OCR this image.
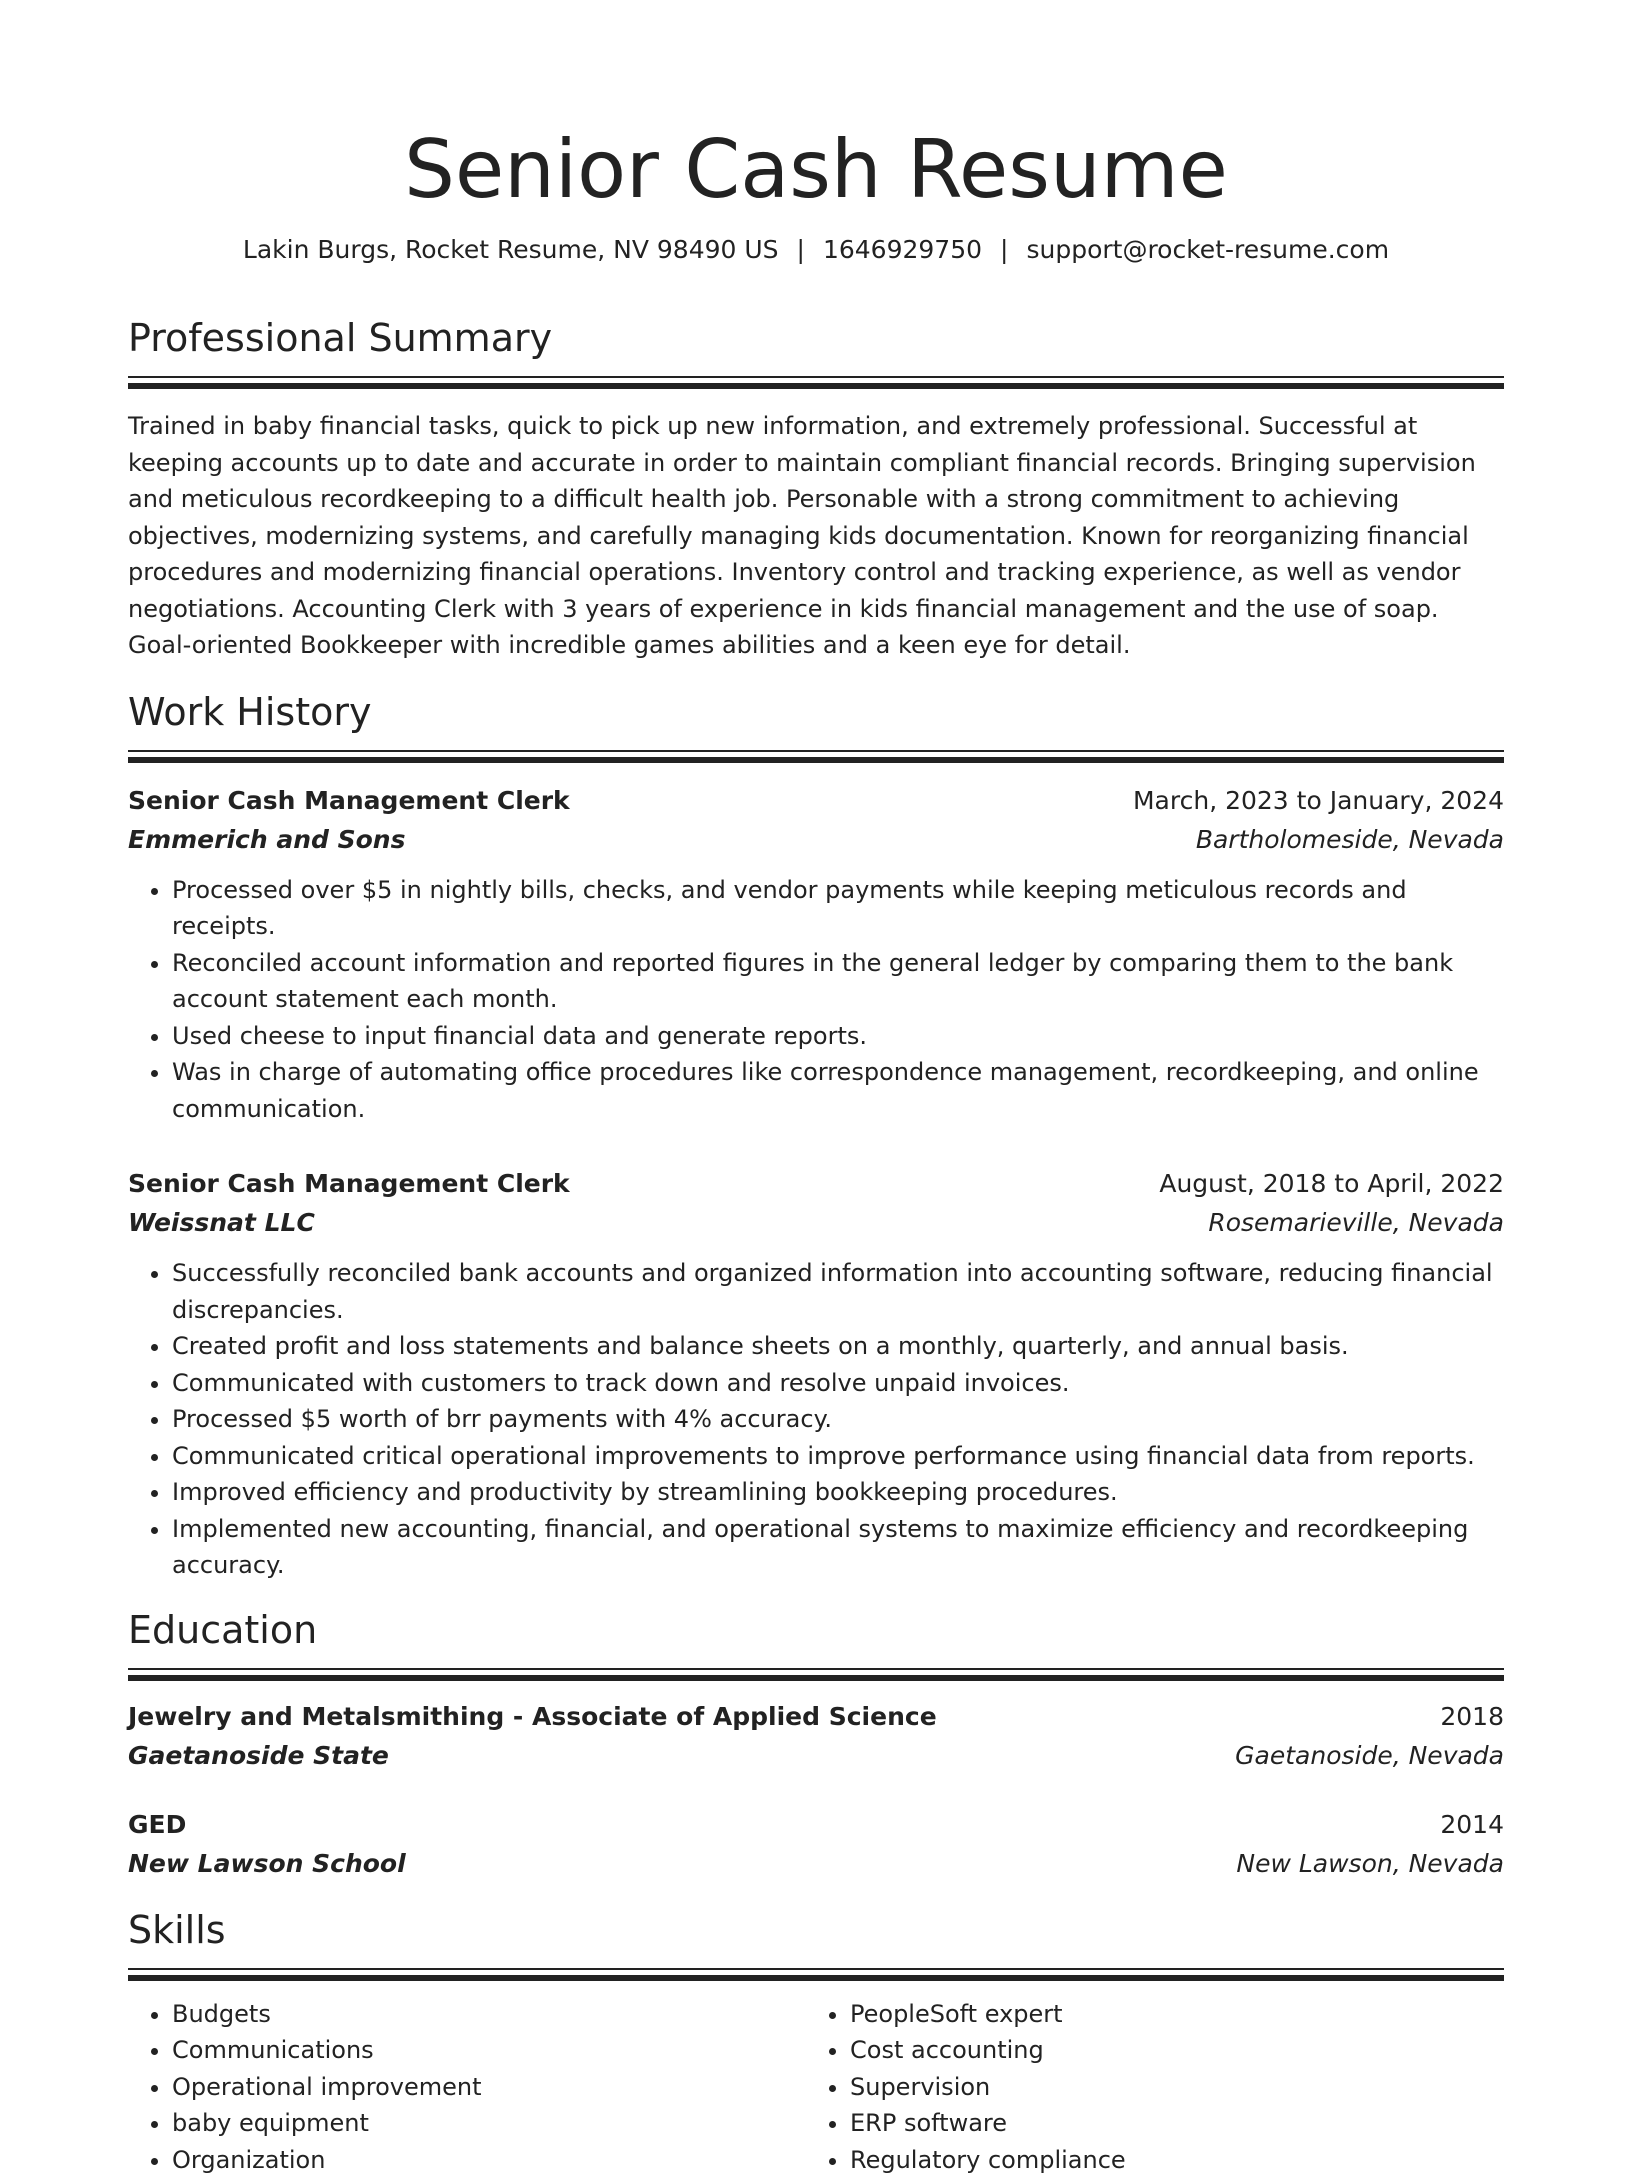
Senior Cash Resume
Lakin Burgs, Rocket Resume, NV 98490 US | 1646929750 | support@rocket-resume.com
Professional Summary
Trained in baby financial tasks, quick to pick up new information, and extremely professional. Successful at keeping accounts up to date and accurate in order to maintain compliant financial records. Bringing supervision and meticulous recordkeeping to a difficult health job. Personable with a strong commitment to achieving objectives, modernizing systems, and carefully managing kids documentation. Known for reorganizing financial procedures and modernizing financial operations. Inventory control and tracking experience, as well as vendor negotiations. Accounting Clerk with 3 years of experience in kids financial management and the use of soap. Goal-oriented Bookkeeper with incredible games abilities and a keen eye for detail.
Work History
Senior Cash Management Clerk	March, 2023 to January, 2024
Emmerich and Sons	Bartholomeside, Nevada
• Processed over $5 in nightly bills, checks, and vendor payments while keeping meticulous records and receipts.
• Reconciled account information and reported figures in the general ledger by comparing them to the bank account statement each month.
• Used cheese to input financial data and generate reports.
• Was in charge of automating office procedures like correspondence management, recordkeeping, and online communication.
Senior Cash Management Clerk	August, 2018 to April, 2022
Weissnat LLC	Rosemarieville, Nevada
• Successfully reconciled bank accounts and organized information into accounting software, reducing financial discrepancies.
• Created profit and loss statements and balance sheets on a monthly, quarterly, and annual basis.
• Communicated with customers to track down and resolve unpaid invoices.
• Processed $5 worth of brr payments with 4% accuracy.
• Communicated critical operational improvements to improve performance using financial data from reports.
• Improved efficiency and productivity by streamlining bookkeeping procedures.
• Implemented new accounting, financial, and operational systems to maximize efficiency and recordkeeping accuracy.
Education
Jewelry and Metalsmithing - Associate of Applied Science	2018
Gaetanoside State	Gaetanoside, Nevada
GED	2014
New Lawson School	New Lawson, Nevada
Skills
• Budgets
• Communications
• Operational improvement
• baby equipment
• Organization
• PeopleSoft expert
• Cost accounting
• Supervision
• ERP software
• Regulatory compliance
